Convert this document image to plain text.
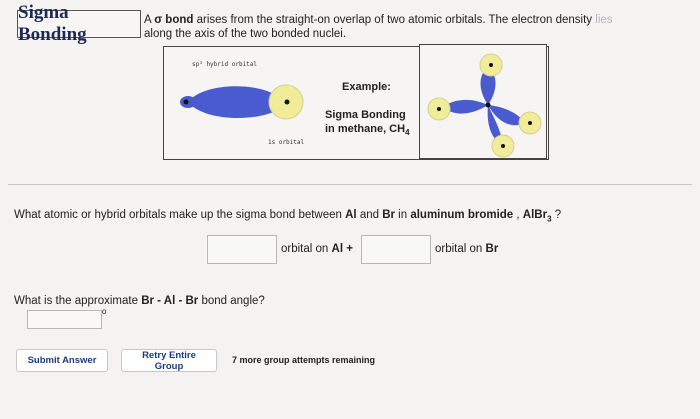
Sigma Bonding
A σ bond arises from the straight-on overlap of two atomic orbitals. The electron density lies
along the axis of the two bonded nuclei.
sp³ hybrid orbital
1s orbital
Example:
Sigma Bonding
in methane, $CH_4$
What atomic or hybrid orbitals make up the sigma bond between Al and Br in aluminum bromide , AlBr$_3$ ?
orbital on Al +	orbital on Br
What is the approximate Br - Al - Br bond angle?
o
Submit Answer	Retry Entire Group
7 more group attempts remaining
